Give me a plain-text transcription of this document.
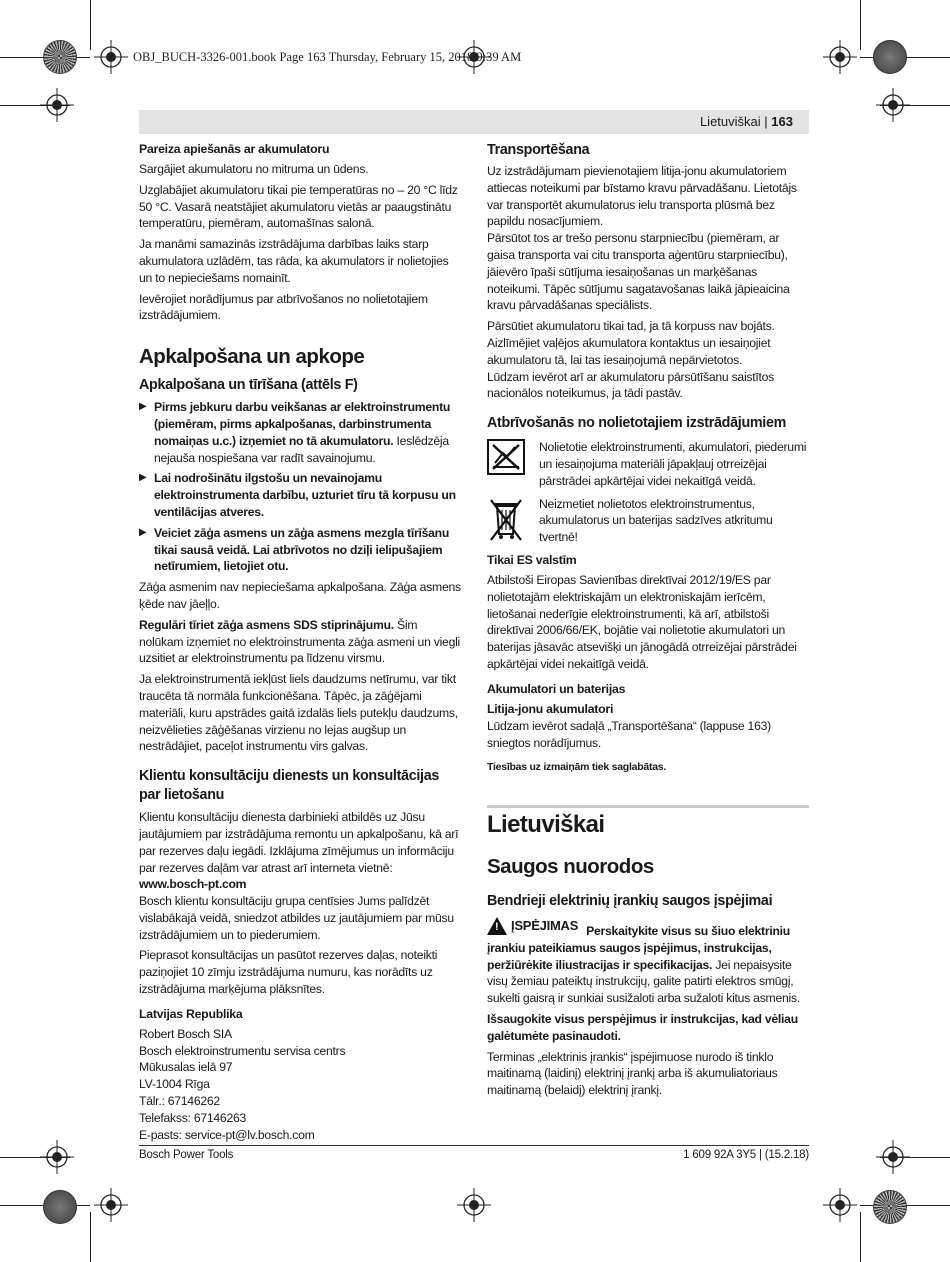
OBJ_BUCH-3326-001.book Page 163 Thursday, February 15, 2018 9:39 AM
Lietuviškai | 163

Pareiza apiešanās ar akumulatoru

Sargājiet akumulatoru no mitruma un ūdens.

Uzglabājiet akumulatoru tikai pie temperatūras no – 20 °C līdz 50 °C. Vasarā neatstājiet akumulatoru vietās ar paaugstinātu temperatūru, piemēram, automašīnas salonā.

Ja manāmi samazinās izstrādājuma darbības laiks starp akumulatora uzlādēm, tas rāda, ka akumulators ir nolietojies un to nepieciešams nomainīt.

Ievērojiet norādījumus par atbrīvošanos no nolietotajiem izstrādājumiem.

Apkalpošana un apkope

Apkalpošana un tīrīšana (attēls F)

▶ Pirms jebkuru darbu veikšanas ar elektroinstrumentu (piemēram, pirms apkalpošanas, darbinstrumenta nomaiņas u.c.) izņemiet no tā akumulatoru. Ieslēdzēja nejauša nospiešana var radīt savainojumu.
▶ Lai nodrošinātu ilgstošu un nevainojamu elektroinstrumenta darbību, uzturiet tīru tā korpusu un ventilācijas atveres.
▶ Veiciet zāģa asmens un zāģa asmens mezgla tīrīšanu tikai sausā veidā. Lai atbrīvotos no dziļi ielipušajiem netīrumiem, lietojiet otu.

Zāģa asmenim nav nepieciešama apkalpošana. Zāģa asmens ķēde nav jāeļļo.

Regulāri tīriet zāģa asmens SDS stiprinājumu. Šim nolūkam izņemiet no elektroinstrumenta zāģa asmeni un viegli uzsitiet ar elektroinstrumentu pa līdzenu virsmu.

Ja elektroinstrumentā iekļūst liels daudzums netīrumu, var tikt traucēta tā normāla funkcionēšana. Tāpēc, ja zāģējami materiāli, kuru apstrādes gaitā izdalās liels putekļu daudzums, neizvēlieties zāģēšanas virzienu no lejas augšup un nestrādājiet, paceļot instrumentu virs galvas.

Klientu konsultāciju dienests un konsultācijas par lietošanu

Klientu konsultāciju dienesta darbinieki atbildēs uz Jūsu jautājumiem par izstrādājuma remontu un apkalpošanu, kā arī par rezerves daļu iegādi. Izklājuma zīmējumus un informāciju par rezerves daļām var atrast arī interneta vietnē:
www.bosch-pt.com

Bosch klientu konsultāciju grupa centīsies Jums palīdzēt vislabākajā veidā, sniedzot atbildes uz jautājumiem par mūsu izstrādājumiem un to piederumiem.

Pieprasot konsultācijas un pasūtot rezerves daļas, noteikti paziņojiet 10 zīmju izstrādājuma numuru, kas norādīts uz izstrādājuma marķējuma plāksnītes.

Latvijas Republika

Robert Bosch SIA
Bosch elektroinstrumentu servisa centrs
Mūkusalas ielā 97
LV-1004 Rīga
Tālr.: 67146262
Telefakss: 67146263
E-pasts: service-pt@lv.bosch.com

Transportēšana

Uz izstrādājumam pievienotajiem litija-jonu akumulatoriem attiecas noteikumi par bīstamo kravu pārvadāšanu. Lietotājs var transportēt akumulatorus ielu transporta plūsmā bez papildu nosacījumiem.

Pārsūtot tos ar trešo personu starpniecību (piemēram, ar gaisa transporta vai citu transporta aģentūru starpniecību), jāievēro īpaši sūtījuma iesaiņošanas un marķēšanas noteikumi. Tāpēc sūtījumu sagatavošanas laikā jāpieaicina kravu pārvadāšanas speciālists.

Pārsūtiet akumulatoru tikai tad, ja tā korpuss nav bojāts. Aizlīmējiet vaļējos akumulatora kontaktus un iesaiņojiet akumulatoru tā, lai tas iesaiņojumā nepārvietotos.

Lūdzam ievērot arī ar akumulatoru pārsūtīšanu saistītos nacionālos noteikumus, ja tādi pastāv.

Atbrīvošanās no nolietotajiem izstrādājumiem

Nolietotie elektroinstrumenti, akumulatori, piederumi un iesaiņojuma materiāli jāpakļauj otrreizējai pārstrādei apkārtējai videi nekaitīgā veidā.

Neizmetiet nolietotos elektroinstrumentus, akumulatorus un baterijas sadzīves atkritumu tvertnē!

Tikai ES valstīm

Atbilstoši Eiropas Savienības direktīvai 2012/19/ES par nolietotajām elektriskajām un elektroniskajām ierīcēm, lietošanai nederīgie elektroinstrumenti, kā arī, atbilstoši direktīvai 2006/66/EK, bojātie vai nolietotie akumulatori un baterijas jāsavāc atsevišķi un jānogādā otrreizējai pārstrādei apkārtējai videi nekaitīgā veidā.

Akumulatori un baterijas

Litija-jonu akumulatori

Lūdzam ievērot sadaļā „Transportēšana“ (lappuse 163) sniegtos norādījumus.

Tiesības uz izmaiņām tiek saglabātas.

Lietuviškai

Saugos nuorodos

Bendrieji elektrinių įrankių saugos įspėjimai

! ĮSPĖJIMAS Perskaitykite visus su šiuo elektriniu įrankiu pateikiamus saugos įspėjimus, instrukcijas, peržiūrėkite iliustracijas ir specifikacijas. Jei nepaisysite visų žemiau pateiktų instrukcijų, galite patirti elektros smūgį, sukelti gaisrą ir sunkiai susižaloti arba sužaloti kitus asmenis.

Išsaugokite visus perspėjimus ir instrukcijas, kad vėliau galėtumėte pasinaudoti.

Terminas „elektrinis įrankis“ įspėjimuose nurodo iš tinklo maitinamą (laidinį) elektrinį įrankį arba iš akumuliatoriaus maitinamą (belaidį) elektrinį įrankį.

Bosch Power Tools	1 609 92A 3Y5 | (15.2.18)
